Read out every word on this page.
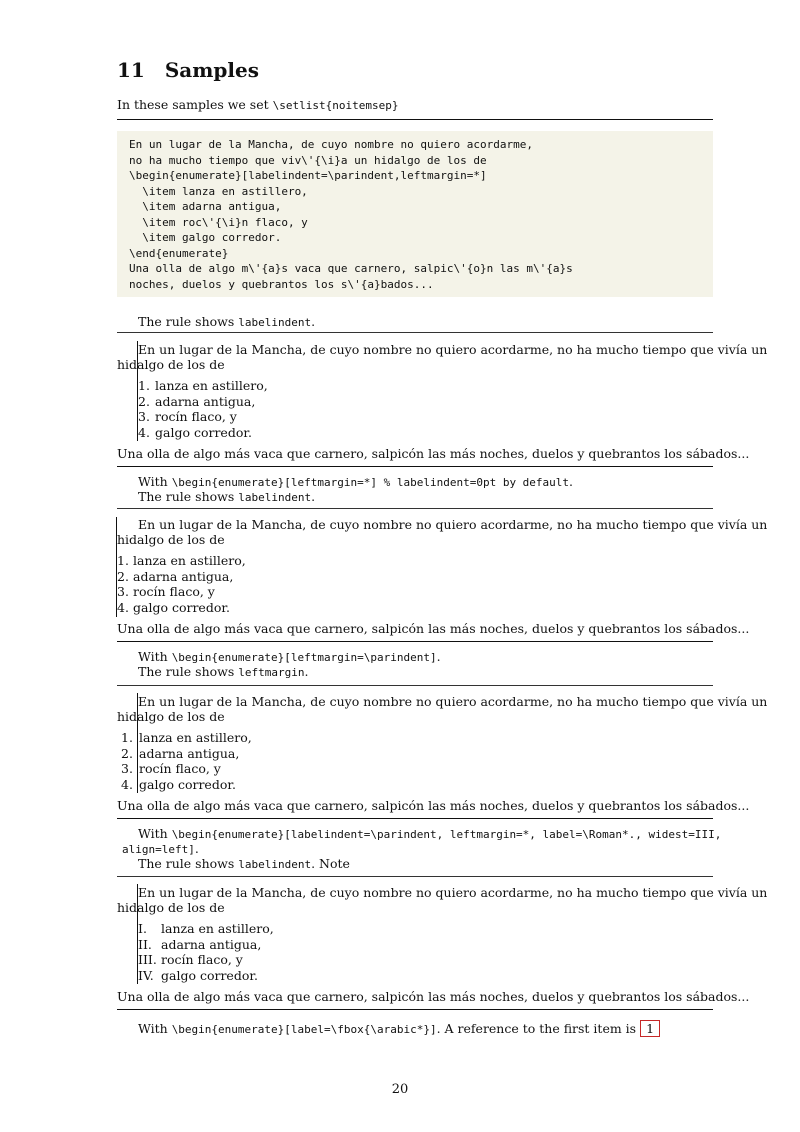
11 Samples
In these samples we set \setlist{noitemsep}
En un lugar de la Mancha, de cuyo nombre no quiero acordarme,
no ha mucho tiempo que viv\'{\i}a un hidalgo de los de
\begin{enumerate}[labelindent=\parindent,leftmargin=*]
\item lanza en astillero,
\item adarna antigua,
\item roc\'{\i}n flaco, y
\item galgo corredor.
\end{enumerate}
Una olla de algo m\'{a}s vaca que carnero, salpic\'{o}n las m\'{a}s
noches, duelos y quebrantos los s\'{a}bados...
The rule shows labelindent.
En un lugar de la Mancha, de cuyo nombre no quiero acordarme, no ha mucho tiempo que vivía un
hidalgo de los de
1. lanza en astillero,
2. adarna antigua,
3. rocín flaco, y
4. galgo corredor.
Una olla de algo más vaca que carnero, salpicón las más noches, duelos y quebrantos los sábados...
With \begin{enumerate}[leftmargin=*] % labelindent=0pt by default.
The rule shows labelindent.
En un lugar de la Mancha, de cuyo nombre no quiero acordarme, no ha mucho tiempo que vivía un
hidalgo de los de
1. lanza en astillero,
2. adarna antigua,
3. rocín flaco, y
4. galgo corredor.
Una olla de algo más vaca que carnero, salpicón las más noches, duelos y quebrantos los sábados...
With \begin{enumerate}[leftmargin=\parindent].
The rule shows leftmargin.
En un lugar de la Mancha, de cuyo nombre no quiero acordarme, no ha mucho tiempo que vivía un
hidalgo de los de
1. lanza en astillero,
2. adarna antigua,
3. rocín flaco, y
4. galgo corredor.
Una olla de algo más vaca que carnero, salpicón las más noches, duelos y quebrantos los sábados...
With \begin{enumerate}[labelindent=\parindent, leftmargin=*, label=\Roman*., widest=III,
align=left].
The rule shows labelindent. Note
En un lugar de la Mancha, de cuyo nombre no quiero acordarme, no ha mucho tiempo que vivía un
hidalgo de los de
I. lanza en astillero,
II. adarna antigua,
III. rocín flaco, y
IV. galgo corredor.
Una olla de algo más vaca que carnero, salpicón las más noches, duelos y quebrantos los sábados...
With \begin{enumerate}[label=\fbox{\arabic*}]. A reference to the first item is 1
20
